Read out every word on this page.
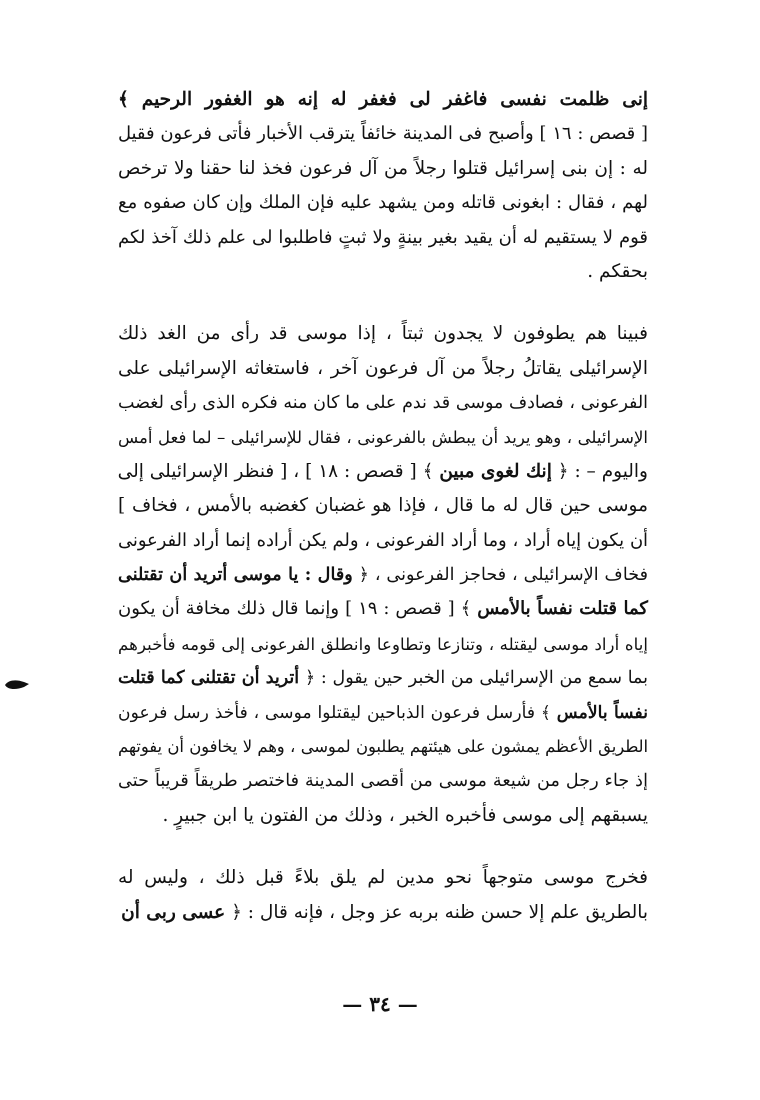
إنى ظلمت نفسى فاغفر لى فغفر له إنه هو الغفور الرحيم ﴾
[ قصص : ١٦ ] وأصبح فى المدينة خائفاً يترقب الأخبار فأتى فرعون فقيل
له : إن بنى إسرائيل قتلوا رجلاً من آل فرعون فخذ لنا حقنا ولا ترخص
لهم ، فقال : ابغونى قاتله ومن يشهد عليه فإن الملك وإن كان صفوه مع
قوم لا يستقيم له أن يقيد بغير بينةٍ ولا ثبتٍ فاطلبوا لى علم ذلك آخذ لكم
بحقكم .
فبينا هم يطوفون لا يجدون ثبتاً ، إذا موسى قد رأى من الغد ذلك
الإسرائيلى يقاتلُ رجلاً من آل فرعون آخر ، فاستغاثه الإسرائيلى على
الفرعونى ، فصادف موسى قد ندم على ما كان منه فكره الذى رأى لغضب
الإسرائيلى ، وهو يريد أن يبطش بالفرعونى ، فقال للإسرائيلى – لما فعل أمس
واليوم – : ﴿ إنك لغوى مبين ﴾ [ قصص : ١٨ ] ، [ فنظر الإسرائيلى إلى
موسى حين قال له ما قال ، فإذا هو غضبان كغضبه بالأمس ، فخاف ]
أن يكون إياه أراد ، وما أراد الفرعونى ، ولم يكن أراده إنما أراد الفرعونى
فخاف الإسرائيلى ، فحاجز الفرعونى ، ﴿ وقال : يا موسى أتريد أن تقتلنى
كما قتلت نفساً بالأمس ﴾ [ قصص : ١٩ ] وإنما قال ذلك مخافة أن يكون
إياه أراد موسى ليقتله ، وتنازعا وتطاوعا وانطلق الفرعونى إلى قومه فأخبرهم
بما سمع من الإسرائيلى من الخبر حين يقول : ﴿ أتريد أن تقتلنى كما قتلت
نفساً بالأمس ﴾ فأرسل فرعون الذباحين ليقتلوا موسى ، فأخذ رسل فرعون
الطريق الأعظم يمشون على هيئتهم يطلبون لموسى ، وهم لا يخافون أن يفوتهم
إذ جاء رجل من شيعة موسى من أقصى المدينة فاختصر طريقاً قريباً حتى
يسبقهم إلى موسى فأخبره الخبر ، وذلك من الفتون يا ابن جبيرٍ .
فخرج موسى متوجهاً نحو مدين لم يلق بلاءً قبل ذلك ، وليس له
بالطريق علم إلا حسن ظنه بربه عز وجل ، فإنه قال : ﴿ عسى ربى أن
— ٣٤ —
